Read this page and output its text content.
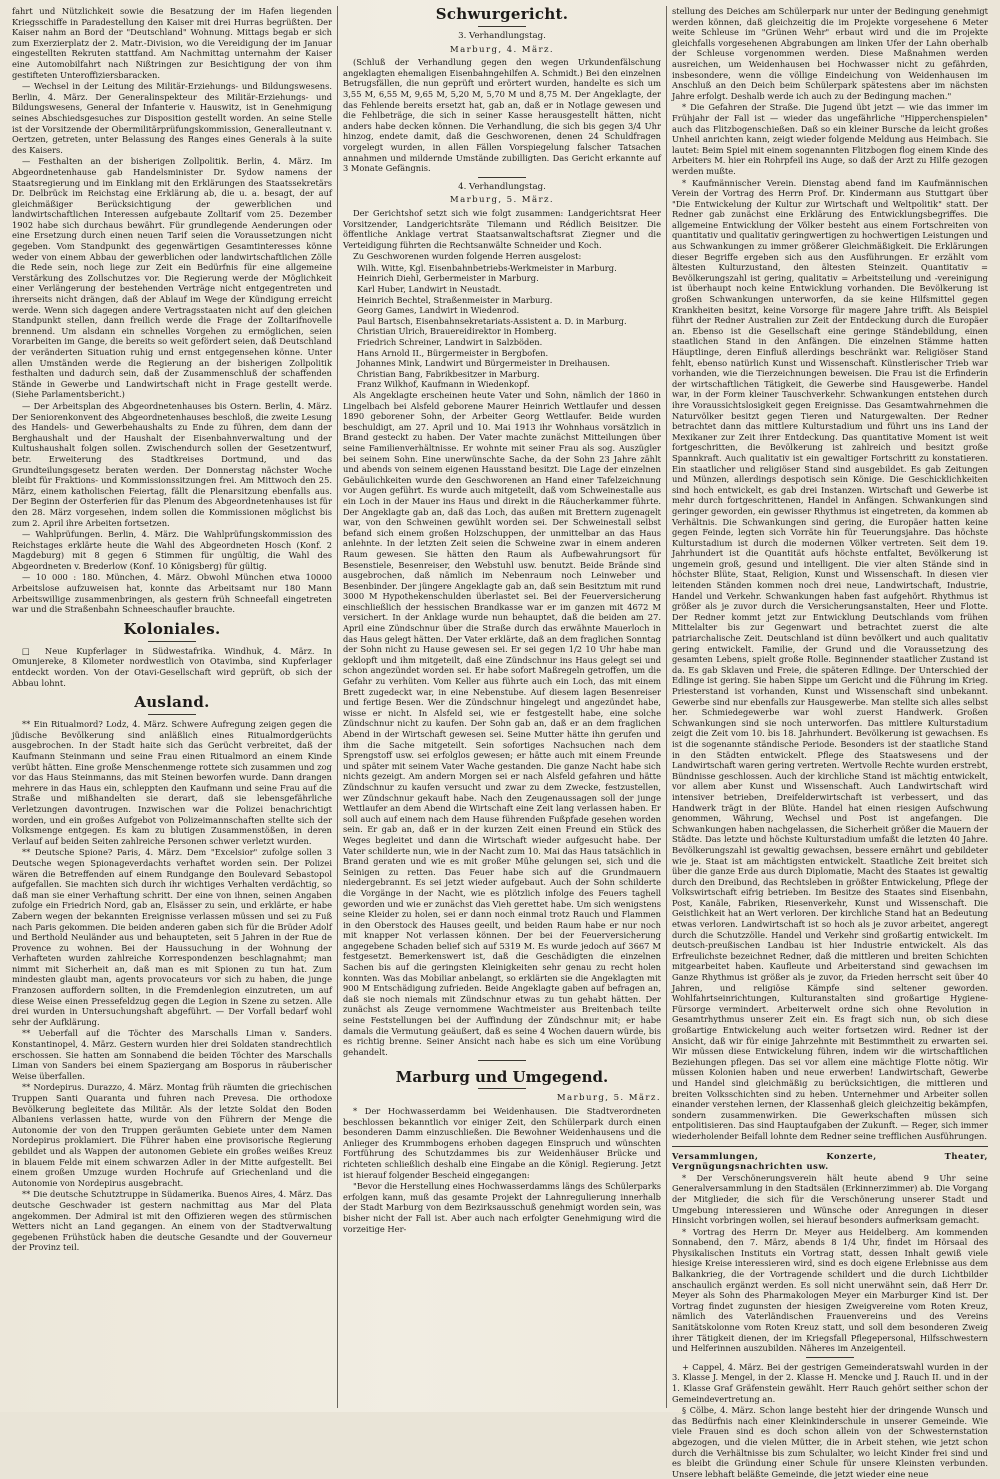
fahrt und Nützlichkeit sowie die Besatzung der im Hafen liegenden Kriegsschiffe in Paradestellung den Kaiser mit drei Hurras begrüßten. Der Kaiser nahm an Bord der "Deutschland" Wohnung. Mittags begab er sich zum Exerzierplatz der 2. Matr.-Division, wo die Vereidigung der im Januar eingestellten Rekruten stattfand. Am Nachmittag unternahm der Kaiser eine Automobilfahrt nach Nißtringen zur Besichtigung der von ihm gestifteten Unteroffiziersbaracken.

— Wechsel in der Leitung des Militär-Erziehungs- und Bildungswesens. Berlin, 4. März. Der Generalinspekteur des Militär-Erziehungs- und Bildungswesens, General der Infanterie v. Hauswitz, ist in Genehmigung seines Abschiedsgesuches zur Disposition gestellt worden. An seine Stelle ist der Vorsitzende der Obermilitärprüfungskommission, Generalleutnant v. Oertzen, getreten, unter Belassung des Ranges eines Generals à la suite des Kaisers.

— Festhalten an der bisherigen Zollpolitik. Berlin, 4. März. Im Abgeordnetenhause gab Handelsminister Dr. Sydow namens der Staatsregierung und im Einklang mit den Erklärungen des Staatssekretärs Dr. Delbrück im Reichstag eine Erklärung ab, die u. a. besagt, der auf gleichmäßiger Berücksichtigung der gewerblichen und landwirtschaftlichen Interessen aufgebaute Zolltarif vom 25. Dezember 1902 habe sich durchaus bewährt. Für grundlegende Aenderungen oder eine Ersetzung durch einen neuen Tarif seien die Voraussetzungen nicht gegeben. Vom Standpunkt des gegenwärtigen Gesamtinteresses könne weder von einem Abbau der gewerblichen oder landwirtschaftlichen Zölle die Rede sein, noch liege zur Zeit ein Bedürfnis für eine allgemeine Verstärkung des Zollschutzes vor. Die Regierung werde der Möglichkeit einer Verlängerung der bestehenden Verträge nicht entgegentreten und ihrerseits nicht drängen, daß der Ablauf im Wege der Kündigung erreicht werde. Wenn sich dagegen andere Vertragsstaaten nicht auf den gleichen Standpunkt stellen, dann freilich werde die Frage der Zolltarifnovelle brennend. Um alsdann ein schnelles Vorgehen zu ermöglichen, seien Vorarbeiten im Gange, die bereits so weit gefördert seien, daß Deutschland der veränderten Situation ruhig und ernst entgegensehen könne. Unter allen Umständen werde die Regierung an der bisherigen Zollpolitik festhalten und dadurch sein, daß der Zusammenschluß der schaffenden Stände in Gewerbe und Landwirtschaft nicht in Frage gestellt werde. (Siehe Parlamentsbericht.)

— Der Arbeitsplan des Abgeordnetenhauses bis Ostern. Berlin, 4. März. Der Seniorenkonvent des Abgeordnetenhauses beschloß, die zweite Lesung des Handels- und Gewerbehaushalts zu Ende zu führen, dem dann der Berghaushalt und der Haushalt der Eisenbahnverwaltung und der Kultushaushalt folgen sollen. Zwischendurch sollen der Gesetzentwurf, betr. Erweiterung des Stadtkreises Dortmund, und das Grundteilungsgesetz beraten werden. Der Donnerstag nächster Woche bleibt für Fraktions- und Kommissionssitzungen frei. Am Mittwoch den 25. März, einem katholischen Feiertag, fällt die Plenarsitzung ebenfalls aus. Der Beginn der Osterferien für das Plenum des Abgeordnetenhauses ist für den 28. März vorgesehen, indem sollen die Kommissionen möglichst bis zum 2. April ihre Arbeiten fortsetzen.

— Wahlprüfungen. Berlin, 4. März. Die Wahlprüfungskommission des Reichstages erklärte heute die Wahl des Abgeordneten Hosch (Konf. 2 Magdeburg) mit 8 gegen 6 Stimmen für ungültig, die Wahl des Abgeordneten v. Brederlow (Konf. 10 Königsberg) für gültig.

— 10 000 : 180. München, 4. März. Obwohl München etwa 10000 Arbeitslose aufzuweisen hat, konnte das Arbeitsamt nur 180 Mann Arbeitswillige zusammenbringen, als gestern früh Schneefall eingetreten war und die Straßenbahn Schneeschaufler brauchte.

Koloniales.

□ Neue Kupferlager in Südwestafrika. Windhuk, 4. März. In Omunjereke, 8 Kilometer nordwestlich von Otavimba, sind Kupferlager entdeckt worden. Von der Otavi-Gesellschaft wird geprüft, ob sich der Abbau lohnt.

Ausland.

** Ein Ritualmord? Lodz, 4. März. Schwere Aufregung zeigen gegen die jüdische Bevölkerung sind anläßlich eines Ritualmordgerüchts ausgebrochen. In der Stadt haite sich das Gerücht verbreitet, daß der Kaufmann Steinmann und seine Frau einen Ritualmord an einem Kinde verübt hätten. Eine große Menschenmenge rottete sich zusammen und zog vor das Haus Steinmanns, das mit Steinen beworfen wurde. Dann drangen mehrere in das Haus ein, schleppten den Kaufmann und seine Frau auf die Straße und mißhandelten sie derart, daß sie lebensgefährliche Verletzungen davontrugen. Inzwischen war die Polizei benachrichtigt worden, und ein großes Aufgebot von Polizeimannschaften stellte sich der Volksmenge entgegen. Es kam zu blutigen Zusammenstößen, in deren Verlauf auf beiden Seiten zahlreiche Personen schwer verletzt wurden.

** Deutsche Spione? Paris, 4. März. Dem "Excelsior" zufolge sollen 3 Deutsche wegen Spionageverdachts verhaftet worden sein. Der Polizei wären die Betreffenden auf einem Rundgange den Boulevard Sebastopol aufgefallen. Sie machten sich durch ihr wichtiges Verhalten verdächtig, so daß man sie einer Verhaftung schritt. Der eine von ihnen, seinen Angaben zufolge ein Friedrich Nord, gab an, Elsässer zu sein, und erklärte, er habe Zabern wegen der bekannten Ereignisse verlassen müssen und sei zu Fuß nach Paris gekommen. Die beiden anderen gaben sich für die Brüder Adolf und Berthold Neuländer aus und behaupteten, seit 5 Jahren in der Rue de Provence zu wohnen. Bei der Haussuchung in der Wohnung der Verhafteten wurden zahlreiche Korrespondenzen beschlagnahmt; man nimmt mit Sicherheit an, daß man es mit Spionen zu tun hat. Zum mindesten glaubt man, agents provocateurs vor sich zu haben, die junge Franzosen auffordern sollten, in die Fremdenlegion einzutreten, um auf diese Weise einen Pressefeldzug gegen die Legion in Szene zu setzen. Alle drei wurden in Untersuchungshaft abgeführt. — Der Vorfall bedarf wohl sehr der Aufklärung.

** Ueberfall auf die Töchter des Marschalls Liman v. Sanders. Konstantinopel, 4. März. Gestern wurden hier drei Soldaten standrechtlich erschossen. Sie hatten am Sonnabend die beiden Töchter des Marschalls Liman von Sanders bei einem Spaziergang am Bosporus in räuberischer Weise überfallen.

** Nordepirus. Durazzo, 4. März. Montag früh räumten die griechischen Truppen Santi Quaranta und fuhren nach Prevesa. Die orthodoxe Bevölkerung begleitete das Militär. Als der letzte Soldat den Boden Albaniens verlassen hatte, wurde von den Führern der Menge die Autonomie der von den Truppen geräumten Gebiete unter dem Namen Nordepirus proklamiert. Die Führer haben eine provisorische Regierung gebildet und als Wappen der autonomen Gebiete ein großes weißes Kreuz in blauem Felde mit einem schwarzen Adler in der Mitte aufgestellt. Bei einem großen Umzuge wurden Hochrufe auf Griechenland und die Autonomie von Nordepirus ausgebracht.

** Die deutsche Schutztruppe in Südamerika. Buenos Aires, 4. März. Das deutsche Geschwader ist gestern nachmittag aus Mar del Plata angekommen. Der Admiral ist mit den Offizieren wegen des stürmischen Wetters nicht an Land gegangen. An einem von der Stadtverwaltung gegebenen Frühstück haben die deutsche Gesandte und der Gouverneur der Provinz teil.

Schwurgericht.
3. Verhandlungstag.
Marburg, 4. März.

(Schluß der Verhandlung gegen den wegen Urkundenfälschung angeklagten ehemaligen Eisenbahngehilfen A. Schmidt.) Bei den einzelnen Betrugsfällen, die nun geprüft und erörtert wurden, handelte es sich um 3,55 M, 6,55 M, 9,65 M, 5,20 M, 5,70 M und 8,75 M. Der Angeklagte, der das Fehlende bereits ersetzt hat, gab an, daß er in Notlage gewesen und die Fehlbeträge, die sich in seiner Kasse herausgestellt hätten, nicht anders habe decken können. Die Verhandlung, die sich bis gegen 3/4 Uhr hinzog, endete damit, daß die Geschworenen, denen 24 Schuldfragen vorgelegt wurden, in allen Fällen Vorspiegelung falscher Tatsachen annahmen und mildernde Umstände zubilligten. Das Gericht erkannte auf 3 Monate Gefängnis.

4. Verhandlungstag.
Marburg, 5. März.

Der Gerichtshof setzt sich wie folgt zusammen: Landgerichtsrat Heer Vorsitzender, Landgerichtsräte Tilemann und Rédlich Beisitzer. Die öffentliche Anklage vertrat Staatsanwaltschaftsrat Ziegner und die Verteidigung führten die Rechtsanwälte Schneider und Koch.

Zu Geschworenen wurden folgende Herren ausgelost:

Wilh. Witte, Kgl. Eisenbahnbetriebs-Werkmeister in Marburg.

Heinrich Diehl, Gerbermeister in Marburg.

Karl Huber, Landwirt in Neustadt.

Heinrich Bechtel, Straßenmeister in Marburg.

Georg Games, Landwirt in Wiedenrod.

Paul Bartsch, Eisenbahnsekretariats-Assistent a. D. in Marburg.

Christian Ulrich, Brauereidirektor in Homberg.

Friedrich Schreiner, Landwirt in Salzböden.

Hans Arnold II., Bürgermeister in Bergbofen.

Johannes Mink, Landwirt und Bürgermeister in Dreihausen.

Christian Bang, Fabrikbesitzer in Marburg.

Franz Wilkhof, Kaufmann in Wiedenkopf.

Als Angeklagte erscheinen heute Vater und Sohn, nämlich der 1860 in Lingelbach bei Alsfeld geborene Maurer Heinrich Wettlaufer und dessen 1890 geborener Sohn, der Arbeiter Georg Wettlaufer. Beide wurden beschuldigt, am 27. April und 10. Mai 1913 ihr Wohnhaus vorsätzlich in Brand gesteckt zu haben. Der Vater machte zunächst Mitteilungen über seine Familienverhältnisse. Er wohnte mit seiner Frau als sog. Auszügler bei seinem Sohn. Eine unerwünschte Sache, da der Sohn 23 Jahre zählt und abends von seinem eigenen Hausstand besitzt. Die Lage der einzelnen Gebäulichkeiten wurde den Geschworenen an Hand einer Tafelzeichnung vor Augen geführt. Es wurde auch mitgeteilt, daß vom Schweinestalle aus ein Loch in der Mauer ins Haus und direkt in die Räucherkammer führte. Der Angeklagte gab an, daß das Loch, das außen mit Brettern zugenagelt war, von den Schweinen gewühlt worden sei. Der Schweinestall selbst befand sich einem großen Holzschuppen, der unmittelbar an das Haus anlehnte. In der letzten Zeit seien die Schweine zwar in einem anderen Raum gewesen. Sie hätten den Raum als Aufbewahrungsort für Besenstiele, Besenreiser, den Webstuhl usw. benutzt. Beide Brände sind ausgebrochen, daß nämlich im Nebenraum noch Leinweber und Besenbinder. Der jüngere Angeklagte gab an, daß sein Besitztum mit rund 3000 M Hypothekenschulden überlastet sei. Bei der Feuerversicherung einschließlich der hessischen Brandkasse war er im ganzen mit 4672 M versichert. In der Anklage wurde nun behauptet, daß die beiden am 27. April eine Zündschnur über die Straße durch das erwähnte Mauerloch in das Haus gelegt hätten. Der Vater erklärte, daß an dem fraglichen Sonntag der Sohn nicht zu Hause gewesen sei. Er sei gegen 1/2 10 Uhr habe man geklopft und ihm mitgeteilt, daß eine Zündschnur ins Haus gelegt sei und schon angezündet worden sei. Er habe sofort Maßregeln getroffen, um die Gefahr zu verhüten. Vom Keller aus führte auch ein Loch, das mit einem Brett zugedeckt war, in eine Nebenstube. Auf diesem lagen Besenreiser und fertige Besen. Wer die Zündschnur hingelegt und angezündet habe, wisse er nicht. In Alsfeld sei, wie er festgestellt habe, eine solche Zündschnur nicht zu kaufen. Der Sohn gab an, daß er an dem fraglichen Abend in der Wirtschaft gewesen sei. Seine Mutter hätte ihn gerufen und ihm die Sache mitgeteilt. Sein sofortiges Nachsuchen nach dem Sprengstoff usw. sei erfolglos gewesen; er hätte auch mit einem Freunde und später mit seinem Vater Wache gestanden. Die ganze Nacht habe sich nichts gezeigt. Am andern Morgen sei er nach Alsfeld gefahren und hätte Zündschnur zu kaufen versucht und zwar zu dem Zwecke, festzustellen, wer Zündschnur gekauft habe. Nach den Zeugenaussagen soll der junge Wettlaufer an dem Abend die Wirtschaft eine Zeit lang verlassen haben. Er soll auch auf einem nach dem Hause führenden Fußpfade gesehen worden sein. Er gab an, daß er in der kurzen Zeit einen Freund ein Stück des Weges begleitet und dann die Wirtschaft wieder aufgesucht habe. Der Vater schilderte nun, wie in der Nacht zum 10. Mai das Haus tatsächlich in Brand geraten und wie es mit großer Mühe gelungen sei, sich und die Seinigen zu retten. Das Feuer habe sich auf die Grundmauern niedergebrannt. Es sei jetzt wieder aufgebaut. Auch der Sohn schilderte die Vorgänge in der Nacht, wie es plötzlich infolge des Feuers taghell geworden und wie er zunächst das Vieh gerettet habe. Um sich wenigstens seine Kleider zu holen, sei er dann noch einmal trotz Rauch und Flammen in den Oberstock des Hauses geeilt, und beiden Raum habe er nur noch mit knapper Not verlassen können. Der bei der Feuerversicherung angegebene Schaden belief sich auf 5319 M. Es wurde jedoch auf 3667 M festgesetzt. Bemerkenswert ist, daß die Geschädigten die einzelnen Sachen bis auf die geringsten Kleinigkeiten sehr genau zu recht holen konnten. Was das Mobiliar anbelangt, so erklärten sie die Angeklagten mit 900 M Entschädigung zufrieden. Beide Angeklagte gaben auf befragen an, daß sie noch niemals mit Zündschnur etwas zu tun gehabt hätten. Der zunächst als Zeuge vernommene Wachtmeister aus Breitenbach teilte seine Feststellungen bei der Auffindung der Zündschnur mit; er habe damals die Vermutung geäußert, daß es seine 4 Wochen dauern würde, bis es richtig brenne. Seiner Ansicht nach habe es sich um eine Vorübung gehandelt.

Marburg und Umgegend.
Marburg, 5. März.

* Der Hochwasserdamm bei Weidenhausen. Die Stadtverordneten beschlossen bekanntlich vor einiger Zeit, den Schülerpark durch einen besonderen Damm einzuschließen. Die Bewohner Weidenhausens und die Anlieger des Krummbogens erhoben dagegen Einspruch und wünschten Fortführung des Schutzdammes bis zur Weidenhäuser Brücke und richteten schließlich deshalb eine Eingabe an die Königl. Regierung. Jetzt ist hierauf folgender Bescheid eingegangen:

"Bevor die Herstellung eines Hochwasserdamms längs des Schülerparks erfolgen kann, muß das gesamte Projekt der Lahnregulierung innerhalb der Stadt Marburg von dem Bezirksausschuß genehmigt worden sein, was bisher nicht der Fall ist. Aber auch nach erfolgter Genehmigung wird die vorzeitige Her-

stellung des Deiches am Schülerpark nur unter der Bedingung genehmigt werden können, daß gleichzeitig die im Projekte vorgesehene 6 Meter weite Schleuse im "Grünen Wehr" erbaut wird und die im Projekte gleichfalls vorgesehenen Abgrabungen am linken Ufer der Lahn oberhalb der Schleuse vorgenommen werden. Diese Maßnahmen werden ausreichen, um Weidenhausen bei Hochwasser nicht zu gefährden, insbesondere, wenn die völlige Eindeichung von Weidenhausen im Anschluß an den Deich beim Schülerpark spätestens aber im nächsten Jahre erfolgt. Deshalb werde ich auch zu der Bedingung machen."

* Die Gefahren der Straße. Die Jugend übt jetzt — wie das immer im Frühjahr der Fall ist — wieder das ungefährliche "Hipperchenspielen" auch das Flitzbogenschießen. Daß so ein kleiner Bursche da leicht großes Unheil anrichten kann, zeigt wieder folgende Meldung aus Heimbach. Sie lautet: Beim Spiel mit einem sogenannten Flitzbogen flog einem Kinde des Arbeiters M. hier ein Rohrpfeil ins Auge, so daß der Arzt zu Hilfe gezogen werden mußte.

* Kaufmännischer Verein. Dienstag abend fand im Kaufmännischen Verein der Vortrag des Herrn Prof. Dr. Kindermann aus Stuttgart über "Die Entwickelung der Kultur zur Wirtschaft und Weltpolitik" statt. Der Redner gab zunächst eine Erklärung des Entwicklungsbegriffes. Die allgemeine Entwicklung der Völker besteht aus einem Fortschreiten von quantitativ und qualitativ geringwertigen zu hochwertigen Leistungen und aus Schwankungen zu immer größerer Gleichmäßigkeit. Die Erklärungen dieser Begriffe ergeben sich aus den Ausführungen. Er erzählt vom ältesten Kulturzustand, den ältesten Steinzeit. Quantitativ = Bevölkerungszahl ist gering, qualitativ = Arbeitsteilung und -vereinigung ist überhaupt noch keine Entwicklung vorhanden. Die Bevölkerung ist großen Schwankungen unterworfen, da sie keine Hilfsmittel gegen Krankheiten besitzt, keine Vorsorge für magere Jahre trifft. Als Beispiel führt der Redner Australien zur Zeit der Entdeckung durch die Europäer an. Ebenso ist die Gesellschaft eine geringe Ständebildung, einen staatlichen Stand in den Anfängen. Die einzelnen Stämme hatten Häuptlinge, deren Einfluß allerdings beschränkt war. Religiöser Stand fehlt, ebenso natürlich Kunst und Wissenschaft. Künstlerischer Trieb war vorhanden, wie die Tierzeichnungen beweisen. Die Frau ist die Erfinderin der wirtschaftlichen Tätigkeit, die Gewerbe sind Hausgewerbe. Handel war, in der Form kleiner Tauschverkehr. Schwankungen entstehen durch ihre Voraussichtslosigkeit gegen Ereignisse. Das Gesamtwahrnehmen die Naturvölker besitzt gegen Tieren und Naturgewalten. Der Redner betrachtet dann das mittlere Kulturstadium und führt uns ins Land der Mexikaner zur Zeit ihrer Entdeckung. Das quantitative Moment ist weit fortgeschritten, die Bevölkerung ist zahlreich und besitzt große Spannkraft. Auch qualitativ ist ein gewaltiger Fortschritt zu konstatieren. Ein staatlicher und religiöser Stand sind ausgebildet. Es gab Zeitungen und Münzen, allerdings despotisch sein Könige. Die Geschicklichkeiten sind hoch entwickelt, es gab drei Instanzen. Wirtschaft und Gewerbe ist mehr durch fortgeschrittenen, Handel in Anfängen. Schwankungen sind geringer geworden, ein gewisser Rhythmus ist eingetreten, da kommen ab Verhältnis. Die Schwankungen sind gering, die Europäer hatten keine gegen Feinde, legten sich Vorräte hin für Teuerungsjahre. Das höchste Kulturstadium ist durch die modernen Völker vertreten. Seit dem 19. Jahrhundert ist die Quantität aufs höchste entfaltet, Bevölkerung ist ungemein groß, gesund und intelligent. Die vier alten Stände sind in höchster Blüte, Staat, Religion, Kunst und Wissenschaft. In diesen vier leitenden Ständen kommen noch drei neue, Landwirtschaft, Industrie, Handel und Verkehr. Schwankungen haben fast aufgehört. Rhythmus ist größer als je zuvor durch die Versicherungsanstalten, Heer und Flotte. Der Redner kommt jetzt zur Entwicklung Deutschlands vom frühen Mittelalter bis zur Gegenwart und betrachtet zuerst die alte patriarchalische Zeit. Deutschland ist dünn bevölkert und auch qualitativ gering entwickelt. Familie, der Grund und die Voraussetzung des gesamten Lebens, spielt große Rolle. Beginnender staatlicher Zustand ist da. Es gab Sklaven und Freie, die späteren Edlinge. Der Unterschied der Edlinge ist gering. Sie haben Sippe um Gericht und die Führung im Krieg. Priesterstand ist vorhanden, Kunst und Wissenschaft sind unbekannt. Gewerbe sind nur ebenfalls zur Hausgewerbe. Man stellte sich alles selbst her. Schmiedegewerbe war wohl zuerst Handwerk. Großen Schwankungen sind sie noch unterworfen. Das mittlere Kulturstadium zeigt die Zeit vom 10. bis 18. Jahrhundert. Bevölkerung ist gewachsen. Es ist die sogenannte ständische Periode. Besonders ist der staatliche Stand in den Städten entwickelt. Pflege des Staatswesens und der Landwirtschaft waren gering vertreten. Wertvolle Rechte wurden erstrebt, Bündnisse geschlossen. Auch der kirchliche Stand ist mächtig entwickelt, vor allem aber Kunst und Wissenschaft. Auch Landwirtschaft wird intensiver betrieben, Dreifelderwirtschaft ist verbessert, und das Handwerk trägt in der Blüte. Handel hat einen riesigen Aufschwung genommen, Währung, Wechsel und Post ist angefangen. Die Schwankungen haben nachgelassen, die Sicherheit größer die Mauern der Städte. Das letzte und höchste Kulturstadium umfaßt die letzten 40 Jahre. Bevölkerungszahl ist gewaltig gewachsen, bessere ernährt und gebildeter wie je. Staat ist am mächtigsten entwickelt. Staatliche Zeit breitet sich über die ganze Erde aus durch Diplomatie, Macht des Staates ist gewaltig durch den Dreibund, das Rechtsleben in größter Entwickelung, Pflege der Volkswirtschaft eifrig betrieben. Im Besitze des Staates sind Eisenbahn, Post, Kanäle, Fabriken, Riesenverkehr, Kunst und Wissenschaft. Die Geistlichkeit hat an Wert verloren. Der kirchliche Stand hat an Bedeutung etwas verloren. Landwirtschaft ist so hoch als je zuvor arbeitet, angeregt durch die Schutzzölle. Handel und Verkehr sind großartig entwickelt. Im deutsch-preußischen Landbau ist hier Industrie entwickelt. Als das Erfreulichste bezeichnet Redner, daß die mittleren und breiten Schichten mitgearbeitet haben. Kaufleute und Arbeiterstand sind gewachsen im Ganze Rhythmus ist größer als je zuvor, da Frieden herrscht seit über 40 Jahren, und religiöse Kämpfe sind seltener geworden. Wohlfahrtseinrichtungen, Kulturanstalten sind großartige Hygiene-Fürsorge vermindert. Arbeiterwelt ordne sich ohne Revolution in Gesamtrhythmus unserer Zeit ein. Es fragt sich nun, ob sich diese großartige Entwickelung auch weiter fortsetzen wird. Redner ist der Ansicht, daß wir für einige Jahrzehnte mit Bestimmtheit zu erwarten sei. Wir müssen diese Entwickelung führen, indem wir die wirtschaftlichen Beziehungen pflegen. Das sei vor allem eine mächtige Flotte nötig. Wir müssen Kolonien haben und neue erwerben! Landwirtschaft, Gewerbe und Handel sind gleichmäßig zu berücksichtigen, die mittleren und breiten Volksschichten sind zu heben. Unternehmer und Arbeiter sollen einander verstehen lernen, der Klassenhaß gleich gleichzeitig bekämpfen, sondern zusammenwirken. Die Gewerkschaften müssen sich entpolitisieren. Das sind Hauptaufgaben der Zukunft. — Reger, sich immer wiederholender Beifall lohnte dem Redner seine trefflichen Ausführungen.

Versammlungen, Konzerte, Theater, Vergnügungsnachrichten usw.

* Der Verschönerungsverein hält heute abend 9 Uhr seine Generalversammlung in den Stadtsälen (Erkinnerzimmer) ab. Die Vorgang der Mitglieder, die sich für die Verschönerung unserer Stadt und Umgebung interessieren und Wünsche oder Anregungen in dieser Hinsicht vorbringen wollen, sei hierauf besonders aufmerksam gemacht.

* Vortrag des Herrn Dr. Meyer aus Heidelberg. Am kommenden Sonnabend, den 7. März, abends 8 1/4 Uhr, findet im Hörsaal des Physikalischen Instituts ein Vortrag statt, dessen Inhalt gewiß viele hiesige Kreise interessieren wird, sind es doch eigene Erlebnisse aus dem Balkankrieg, die der Vortragende schildert und die durch Lichtbilder anschaulich ergänzt werden. Es soll nicht unerwähnt sein, daß Herr Dr. Meyer als Sohn des Pharmakologen Meyer ein Marburger Kind ist. Der Vortrag findet zugunsten der hiesigen Zweigvereine vom Roten Kreuz, nämlich des Vaterländischen Frauenvereins und des Vereins Sanitätskolonne vom Roten Kreuz statt, und soll dem besonderen Zweig ihrer Tätigkeit dienen, der im Kriegsfall Pflegepersonal, Hilfsschwestern und Helferinnen auszubilden. Näheres im Anzeigenteil.

+ Cappel, 4. März. Bei der gestrigen Gemeinderatswahl wurden in der 3. Klasse J. Mengel, in der 2. Klasse H. Mencke und J. Rauch II. und in der 1. Klasse Graf Gräfenstein gewählt. Herr Rauch gehört seither schon der Gemeindevertretung an.

§ Cölbe, 4. März. Schon lange besteht hier der dringende Wunsch und das Bedürfnis nach einer Kleinkinderschule in unserer Gemeinde. Wie viele Frauen sind es doch schon allein von der Schwesternstation abgezogen, und die vielen Mütter, die in Arbeit stehen, wie jetzt schon durch die Verhältnisse bis zum Schulalter, wo leicht Kinder frei sind und es bleibt die Gründung einer Schule für unsere Kleinsten verbunden. Unsere lebhaft beläßte Gemeinde, die jetzt wieder eine neue
